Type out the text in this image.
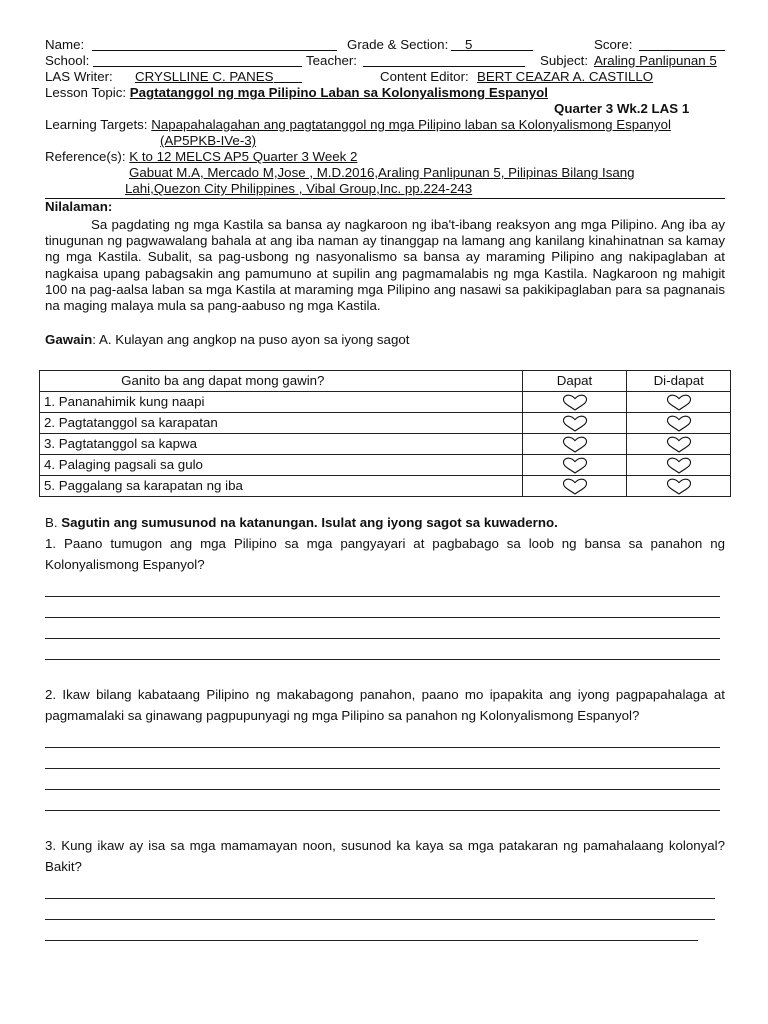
Name:	Grade & Section: 5	Score:
School:	Teacher:	Subject: Araling Panlipunan 5
LAS Writer: CRYSLLINE C. PANES	Content Editor: BERT CEAZAR A. CASTILLO
Lesson Topic: Pagtatanggol ng mga Pilipino Laban sa Kolonyalismong Espanyol
Quarter 3 Wk.2 LAS 1
Learning Targets: Napapahalagahan ang pagtatanggol ng mga Pilipino laban sa Kolonyalismong Espanyol
(AP5PKB-IVe-3)
Reference(s): K to 12 MELCS AP5 Quarter 3 Week 2
Gabuat M.A, Mercado M,Jose , M.D.2016,Araling Panlipunan 5, Pilipinas Bilang Isang
Lahi,Quezon City Philippines , Vibal Group,Inc. pp.224-243
Nilalaman:
Sa pagdating ng mga Kastila sa bansa ay nagkaroon ng iba't-ibang reaksyon ang mga Pilipino. Ang iba ay tinugunan ng pagwawalang bahala at ang iba naman ay tinanggap na lamang ang kanilang kinahinatnan sa kamay ng mga Kastila. Subalit, sa pag-usbong ng nasyonalismo sa bansa ay maraming Pilipino ang nakipaglaban at nagkaisa upang pabagsakin ang pamumuno at supilin ang pagmamalabis ng mga Kastila. Nagkaroon ng mahigit 100 na pag-aalsa laban sa mga Kastila at maraming mga Pilipino ang nasawi sa pakikipaglaban para sa pagnanais na maging malaya mula sa pang-aabuso ng mga Kastila.
Gawain: A. Kulayan ang angkop na puso ayon sa iyong sagot
Ganito ba ang dapat mong gawin?	Dapat	Di-dapat
1. Pananahimik kung naapi	

2. Pagtatanggol sa karapatan	

3. Pagtatanggol sa kapwa	

4. Palaging pagsali sa gulo	

5. Paggalang sa karapatan ng iba	

B. Sagutin ang sumusunod na katanungan. Isulat ang iyong sagot sa kuwaderno.
1. Paano tumugon ang mga Pilipino sa mga pangyayari at pagbabago sa loob ng bansa sa panahon ng Kolonyalismong Espanyol?
2. Ikaw bilang kabataang Pilipino ng makabagong panahon, paano mo ipapakita ang iyong pagpapahalaga at pagmamalaki sa ginawang pagpupunyagi ng mga Pilipino sa panahon ng Kolonyalismong Espanyol?
3. Kung ikaw ay isa sa mga mamamayan noon, susunod ka kaya sa mga patakaran ng pamahalaang kolonyal? Bakit?
